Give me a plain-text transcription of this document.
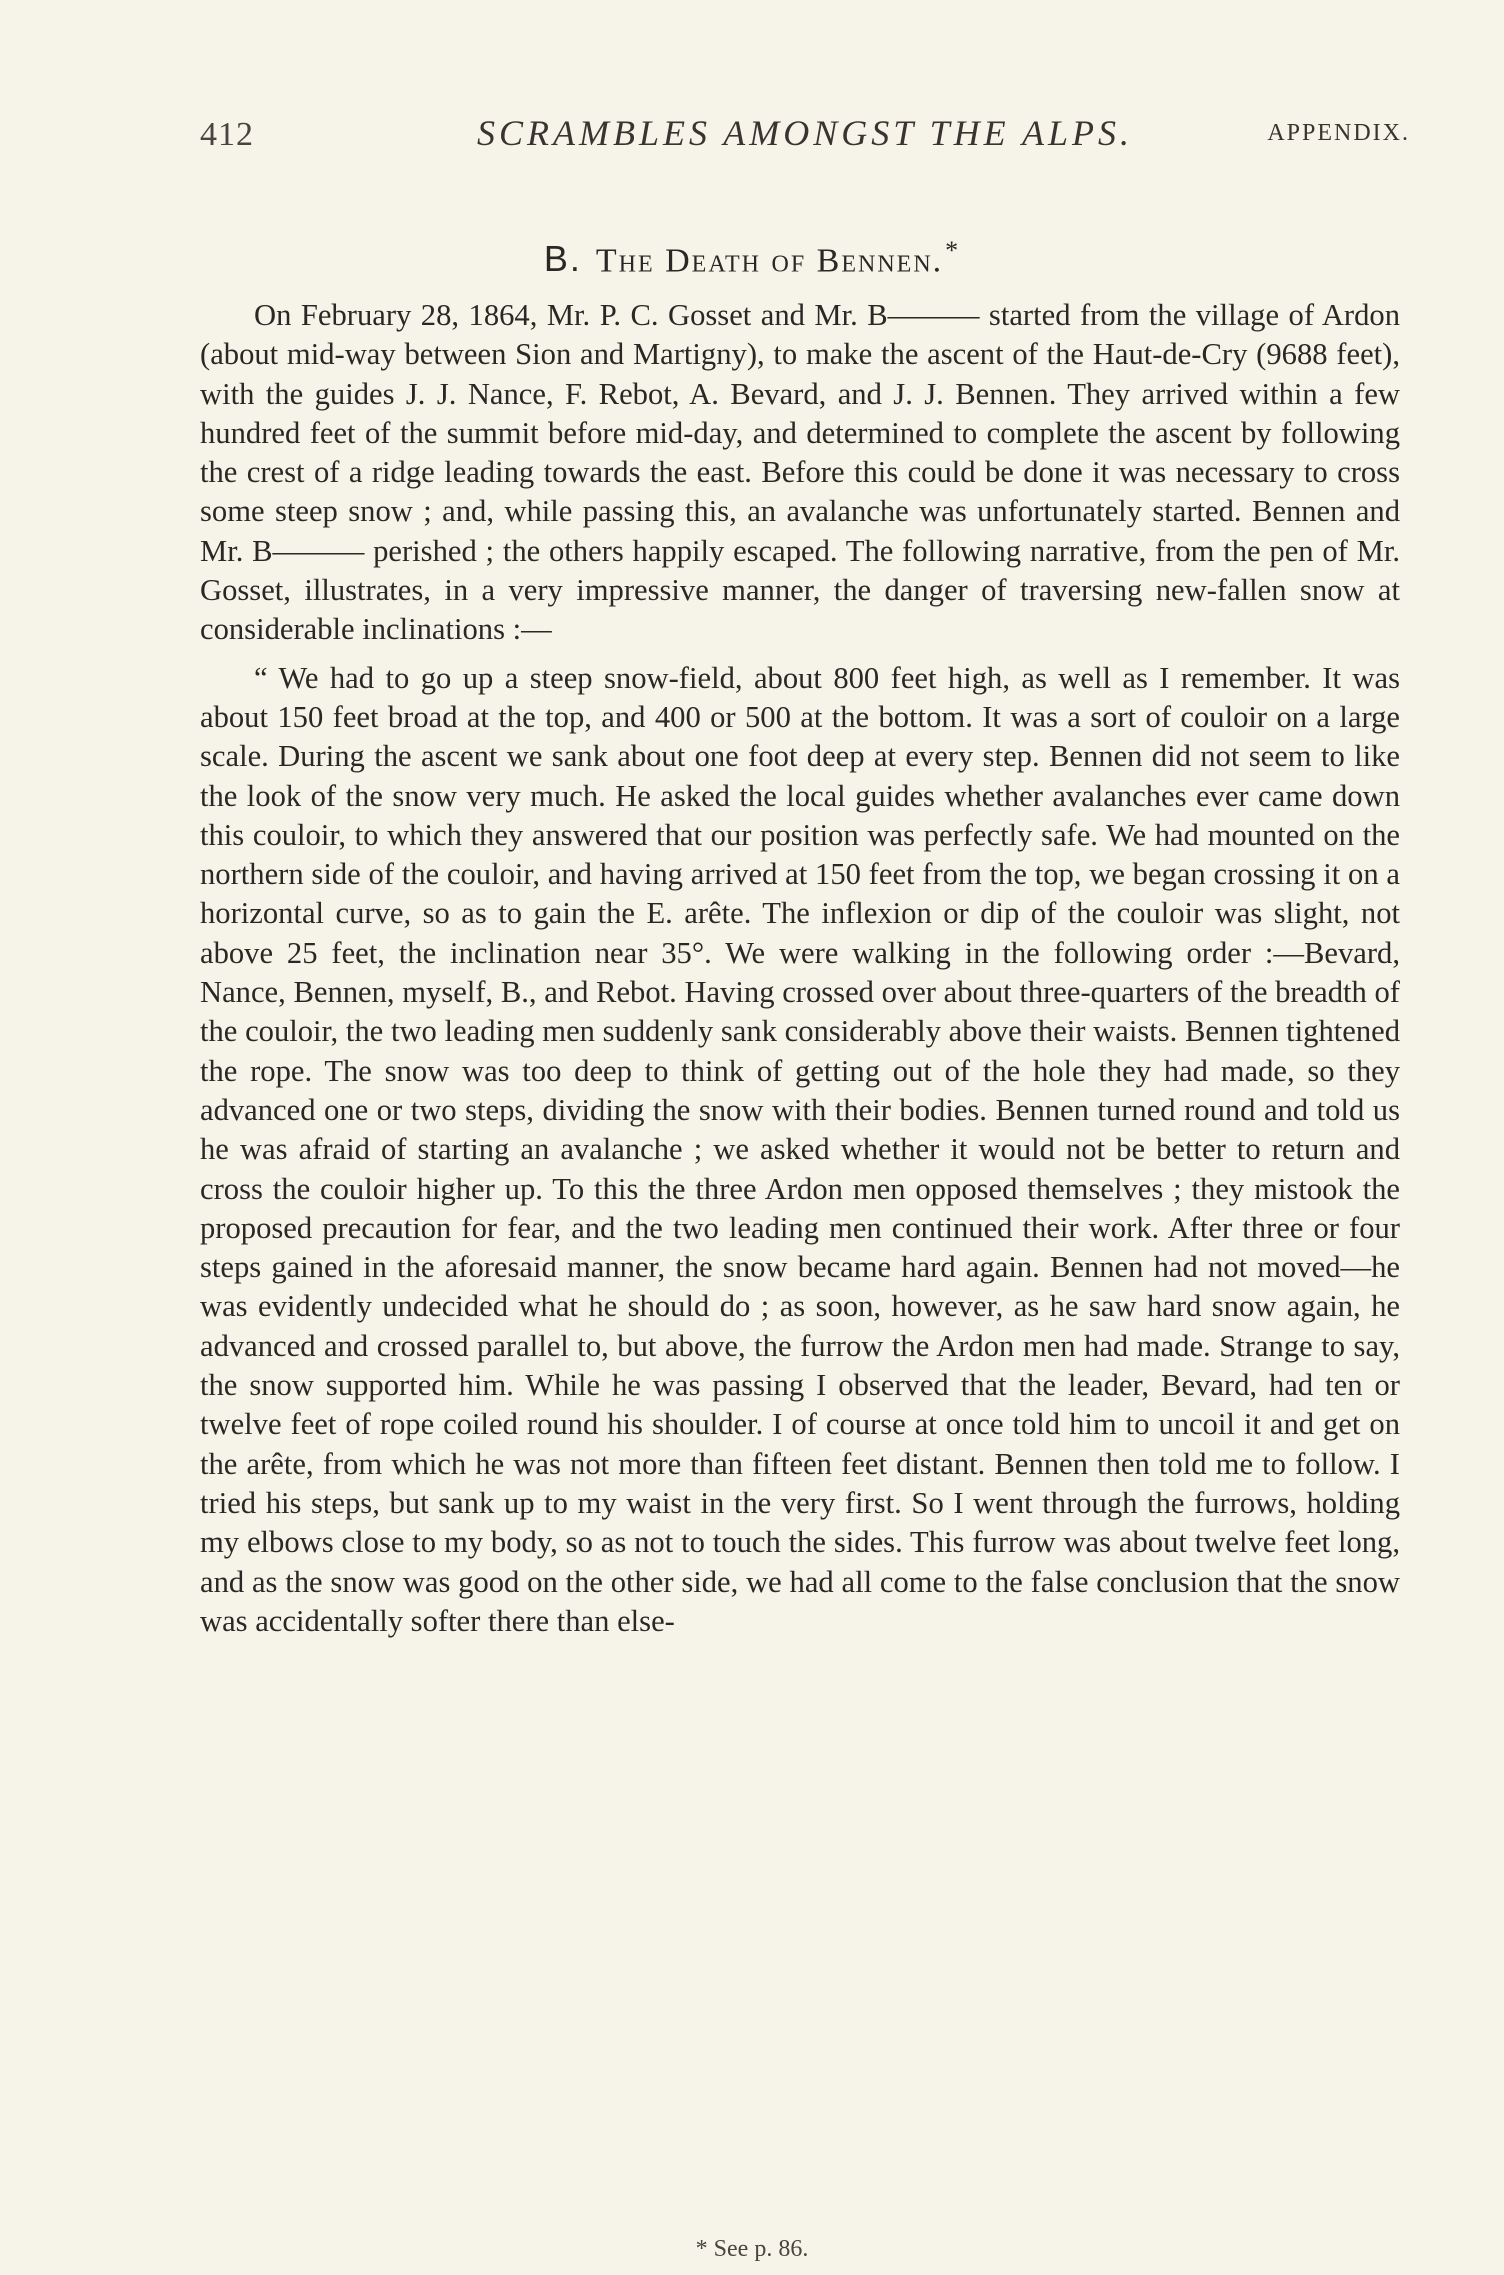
412	SCRAMBLES AMONGST THE ALPS.	APPENDIX.
B. The Death of Bennen.*

On February 28, 1864, Mr. P. C. Gosset and Mr. B——— started from the village of Ardon (about mid-way between Sion and Martigny), to make the ascent of the Haut-de-Cry (9688 feet), with the guides J. J. Nance, F. Rebot, A. Bevard, and J. J. Bennen. They arrived within a few hundred feet of the summit before mid-day, and determined to complete the ascent by following the crest of a ridge leading towards the east. Before this could be done it was necessary to cross some steep snow ; and, while passing this, an avalanche was unfortunately started. Bennen and Mr. B——— perished ; the others happily escaped. The following narrative, from the pen of Mr. Gosset, illustrates, in a very impressive manner, the danger of traversing new-fallen snow at considerable inclinations :—

“ We had to go up a steep snow-field, about 800 feet high, as well as I remember. It was about 150 feet broad at the top, and 400 or 500 at the bottom. It was a sort of couloir on a large scale. During the ascent we sank about one foot deep at every step. Bennen did not seem to like the look of the snow very much. He asked the local guides whether avalanches ever came down this couloir, to which they answered that our position was perfectly safe. We had mounted on the northern side of the couloir, and having arrived at 150 feet from the top, we began crossing it on a horizontal curve, so as to gain the E. arête. The inflexion or dip of the couloir was slight, not above 25 feet, the inclination near 35°. We were walking in the following order :—Bevard, Nance, Bennen, myself, B., and Rebot. Having crossed over about three-quarters of the breadth of the couloir, the two leading men suddenly sank considerably above their waists. Bennen tightened the rope. The snow was too deep to think of getting out of the hole they had made, so they advanced one or two steps, dividing the snow with their bodies. Bennen turned round and told us he was afraid of starting an avalanche ; we asked whether it would not be better to return and cross the couloir higher up. To this the three Ardon men opposed themselves ; they mistook the proposed precaution for fear, and the two leading men continued their work. After three or four steps gained in the aforesaid manner, the snow became hard again. Bennen had not moved—he was evidently undecided what he should do ; as soon, however, as he saw hard snow again, he advanced and crossed parallel to, but above, the furrow the Ardon men had made. Strange to say, the snow supported him. While he was passing I observed that the leader, Bevard, had ten or twelve feet of rope coiled round his shoulder. I of course at once told him to uncoil it and get on the arête, from which he was not more than fifteen feet distant. Bennen then told me to follow. I tried his steps, but sank up to my waist in the very first. So I went through the furrows, holding my elbows close to my body, so as not to touch the sides. This furrow was about twelve feet long, and as the snow was good on the other side, we had all come to the false conclusion that the snow was accidentally softer there than else-

* See p. 86.
